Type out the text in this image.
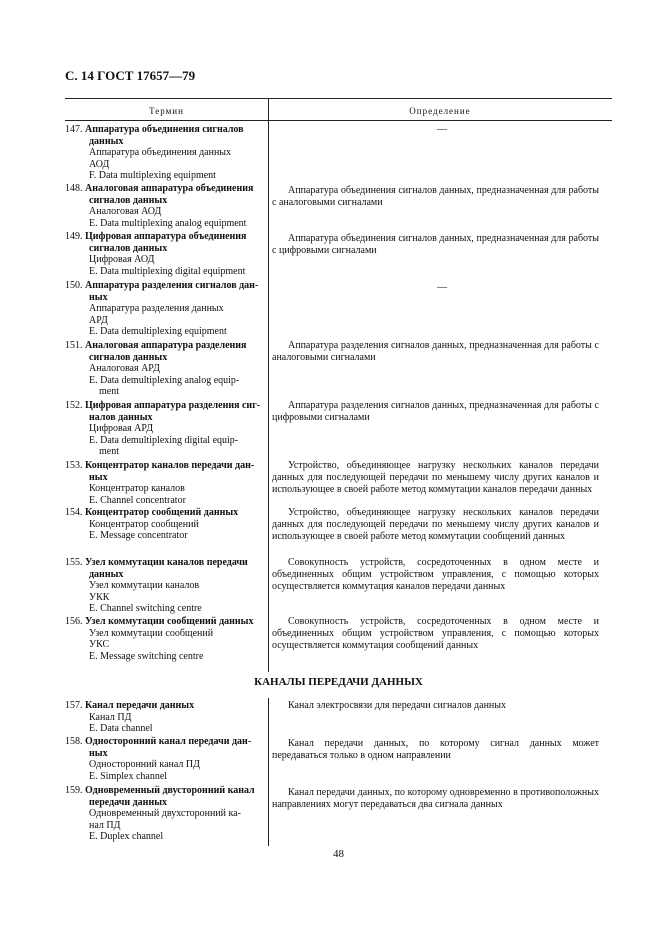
С. 14 ГОСТ 17657—79
Термин	Определение
147. Аппаратура объединения сигналов
данных
Аппаратура объединения данных
АОД
F. Data multiplexing equipment
—
148. Аналоговая аппаратура объединения
сигналов данных
Аналоговая АОД
E. Data multiplexing analog equipment
Аппаратура объединения сигналов данных, предназначенная для работы с аналоговыми сигналами
149. Цифровая аппаратура объединения
сигналов данных
Цифровая АОД
E. Data multiplexing digital equipment
Аппаратура объединения сигналов данных, предназначенная для работы с цифровыми сигналами
150. Аппаратура разделения сигналов дан-
ных
Аппаратура разделения данных
АРД
E. Data demultiplexing equipment
—
151. Аналоговая аппаратура разделения
сигналов данных
Аналоговая АРД
E. Data demultiplexing analog equip-
ment
Аппаратура разделения сигналов данных, предназначенная для работы с аналоговыми сигналами
152. Цифровая аппаратура разделения сиг-
налов данных
Цифровая АРД
E. Data demultiplexing digital equip-
ment
Аппаратура разделения сигналов данных, предназначенная для работы с цифровыми сигналами
153. Концентратор каналов передачи дан-
ных
Концентратор каналов
E. Channel concentrator
Устройство, объединяющее нагрузку нескольких каналов передачи данных для последующей передачи по меньшему числу других каналов и использующее в своей работе метод коммутации каналов передачи данных
154. Концентратор сообщений данных
Концентратор сообщений
E. Message concentrator
Устройство, объединяющее нагрузку нескольких каналов передачи данных для последующей передачи по меньшему числу других каналов и использующее в своей работе метод коммутации сообщений данных
155. Узел коммутации каналов передачи
данных
Узел коммутации каналов
УКК
E. Channel switching centre
Совокупность устройств, сосредоточенных в одном месте и объединенных общим устройством управления, с помощью которых осуществляется коммутация каналов передачи данных
156. Узел коммутации сообщений данных
Узел коммутации сообщений
УКС
E. Message switching centre
Совокупность устройств, сосредоточенных в одном месте и объединенных общим устройством управления, с помощью которых осуществляется коммутация сообщений данных
КАНАЛЫ ПЕРЕДАЧИ ДАННЫХ
157. Канал передачи данных
Канал ПД
E. Data channel
Канал электросвязи для передачи сигналов данных
158. Односторонний канал передачи дан-
ных
Односторонний канал ПД
E. Simplex channel
Канал передачи данных, по которому сигнал данных может передаваться только в одном направлении
159. Одновременный двусторонний канал
передачи данных
Одновременный двухсторонний ка-
нал ПД
E. Duplex channel
Канал передачи данных, по которому одновременно в противоположных направлениях могут передаваться два сигнала данных
48
